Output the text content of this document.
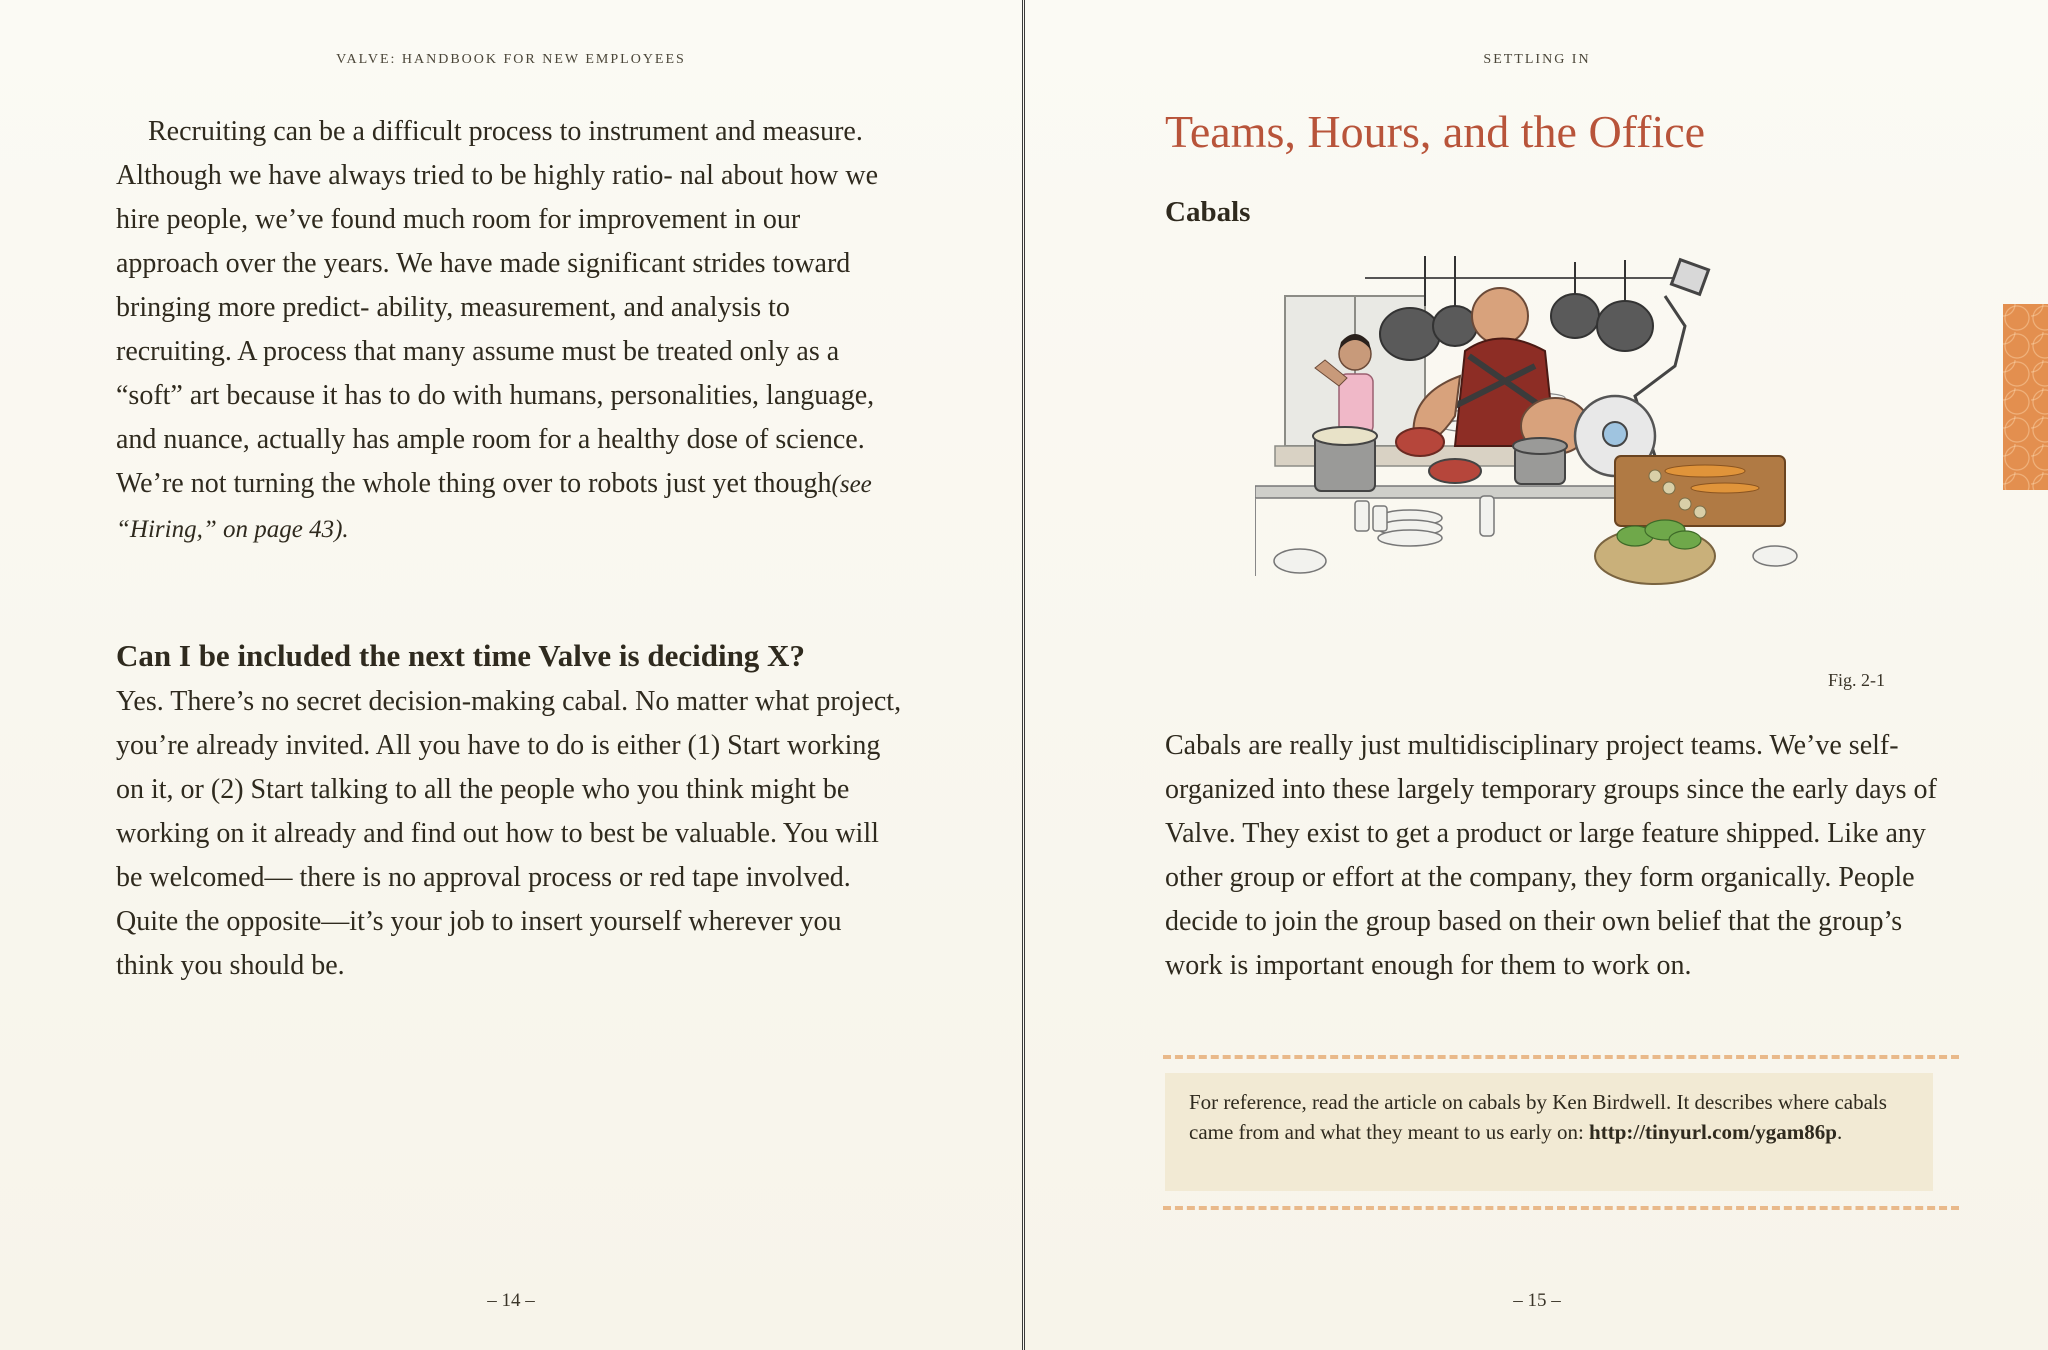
VALVE: HANDBOOK FOR NEW EMPLOYEES
Recruiting can be a difficult process to instrument and measure. Although we have always tried to be highly ratio- nal about how we hire people, we’ve found much room for improvement in our approach over the years. We have made significant strides toward bringing more predict- ability, measurement, and analysis to recruiting. A process that many assume must be treated only as a “soft” art because it has to do with humans, personalities, language, and nuance, actually has ample room for a healthy dose of science. We’re not turning the whole thing over to robots just yet though(see “Hiring,” on page 43).
Can I be included the next time Valve is deciding X?
Yes. There’s no secret decision-making cabal. No matter what project, you’re already invited. All you have to do is either (1) Start working on it, or (2) Start talking to all the people who you think might be working on it already and find out how to best be valuable. You will be welcomed— there is no approval process or red tape involved. Quite the opposite—it’s your job to insert yourself wherever you think you should be.
– 14 –
SETTLING IN
Teams, Hours, and the Office
Cabals
Fig. 2-1
Cabals are really just multidisciplinary project teams. We’ve self-organized into these largely temporary groups since the early days of Valve. They exist to get a product or large feature shipped. Like any other group or effort at the company, they form organically. People decide to join the group based on their own belief that the group’s work is important enough for them to work on.
For reference, read the article on cabals by Ken Birdwell. It describes where cabals came from and what they meant to us early on: http://tinyurl.com/ygam86p.
– 15 –
